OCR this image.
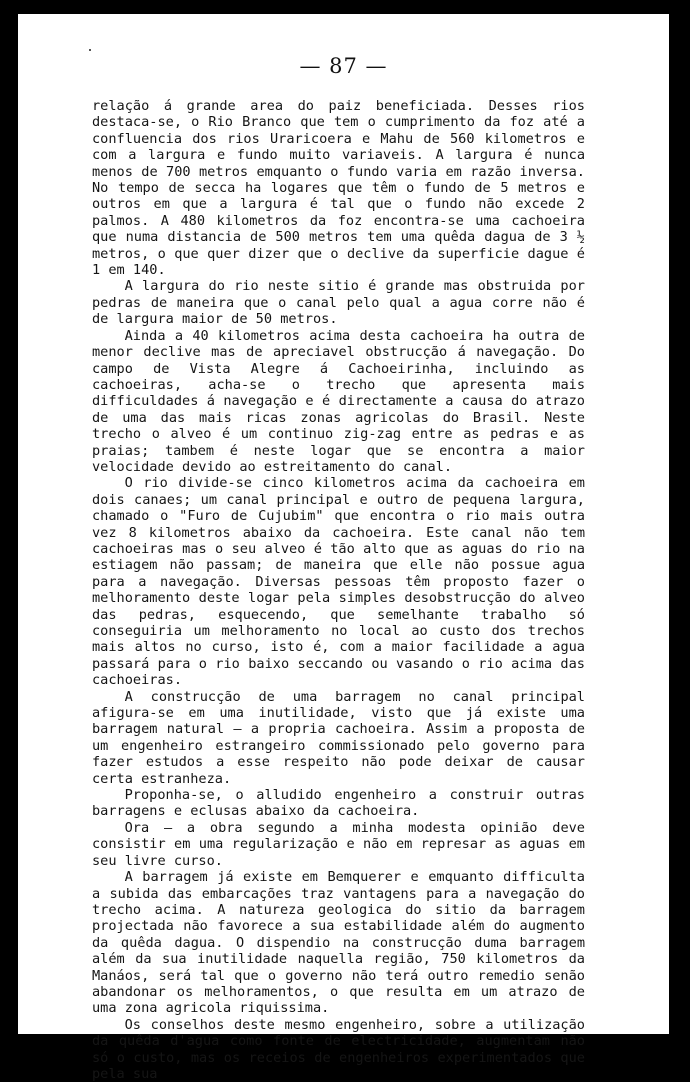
— 87 —

relação á grande area do paiz beneficiada. Desses rios destaca-se, o Rio Branco que tem o cumprimento da foz até a confluencia dos rios Uraricoera e Mahu de 560 kilometros e com a largura e fundo muito variaveis. A largura é nunca menos de 700 metros emquanto o fundo varia em razão inversa. No tempo de secca ha logares que têm o fundo de 5 metros e outros em que a largura é tal que o fundo não excede 2 palmos. A 480 kilometros da foz encontra-se uma cachoeira que numa distancia de 500 metros tem uma quêda dagua de 3 ½ metros, o que quer dizer que o declive da superficie dague é 1 em 140.

A largura do rio neste sitio é grande mas obstruida por pedras de maneira que o canal pelo qual a agua corre não é de largura maior de 50 metros.

Ainda a 40 kilometros acima desta cachoeira ha outra de menor declive mas de apreciavel obstrucção á navegação. Do campo de Vista Alegre á Cachoeirinha, incluindo as cachoeiras, acha-se o trecho que apresenta mais difficuldades á navegação e é directamente a causa do atrazo de uma das mais ricas zonas agricolas do Brasil. Neste trecho o alveo é um continuo zig-zag entre as pedras e as praias; tambem é neste logar que se encontra a maior velocidade devido ao estreitamento do canal.

O rio divide-se cinco kilometros acima da cachoeira em dois canaes; um canal principal e outro de pequena largura, chamado o "Furo de Cujubim" que encontra o rio mais outra vez 8 kilometros abaixo da cachoeira. Este canal não tem cachoeiras mas o seu alveo é tão alto que as aguas do rio na estiagem não passam; de maneira que elle não possue agua para a navegação. Diversas pessoas têm proposto fazer o melhoramento deste logar pela simples desobstrucção do alveo das pedras, esquecendo, que semelhante trabalho só conseguiria um melhoramento no local ao custo dos trechos mais altos no curso, isto é, com a maior facilidade a agua passará para o rio baixo seccando ou vasando o rio acima das cachoeiras.

A construcção de uma barragem no canal principal afigura-se em uma inutilidade, visto que já existe uma barragem natural — a propria cachoeira. Assim a proposta de um engenheiro estrangeiro commissionado pelo governo para fazer estudos a esse respeito não pode deixar de causar certa estranheza.

Proponha-se, o alludido engenheiro a construir outras barragens e eclusas abaixo da cachoeira.

Ora — a obra segundo a minha modesta opinião deve consistir em uma regularização e não em represar as aguas em seu livre curso.

A barragem já existe em Bemquerer e emquanto difficulta a subida das embarcações traz vantagens para a navegação do trecho acima. A natureza geologica do sitio da barragem projectada não favorece a sua estabilidade além do augmento da quêda dagua. O dispendio na construcção duma barragem além da sua inutilidade naquella região, 750 kilometros da Manáos, será tal que o governo não terá outro remedio senão abandonar os melhoramentos, o que resulta em um atrazo de uma zona agricola riquissima.

Os conselhos deste mesmo engenheiro, sobre a utilização da quêda d'agua como fonte de electricidade, augmentam não só o custo, mas os receios de engenheiros experimentados que pela sua
